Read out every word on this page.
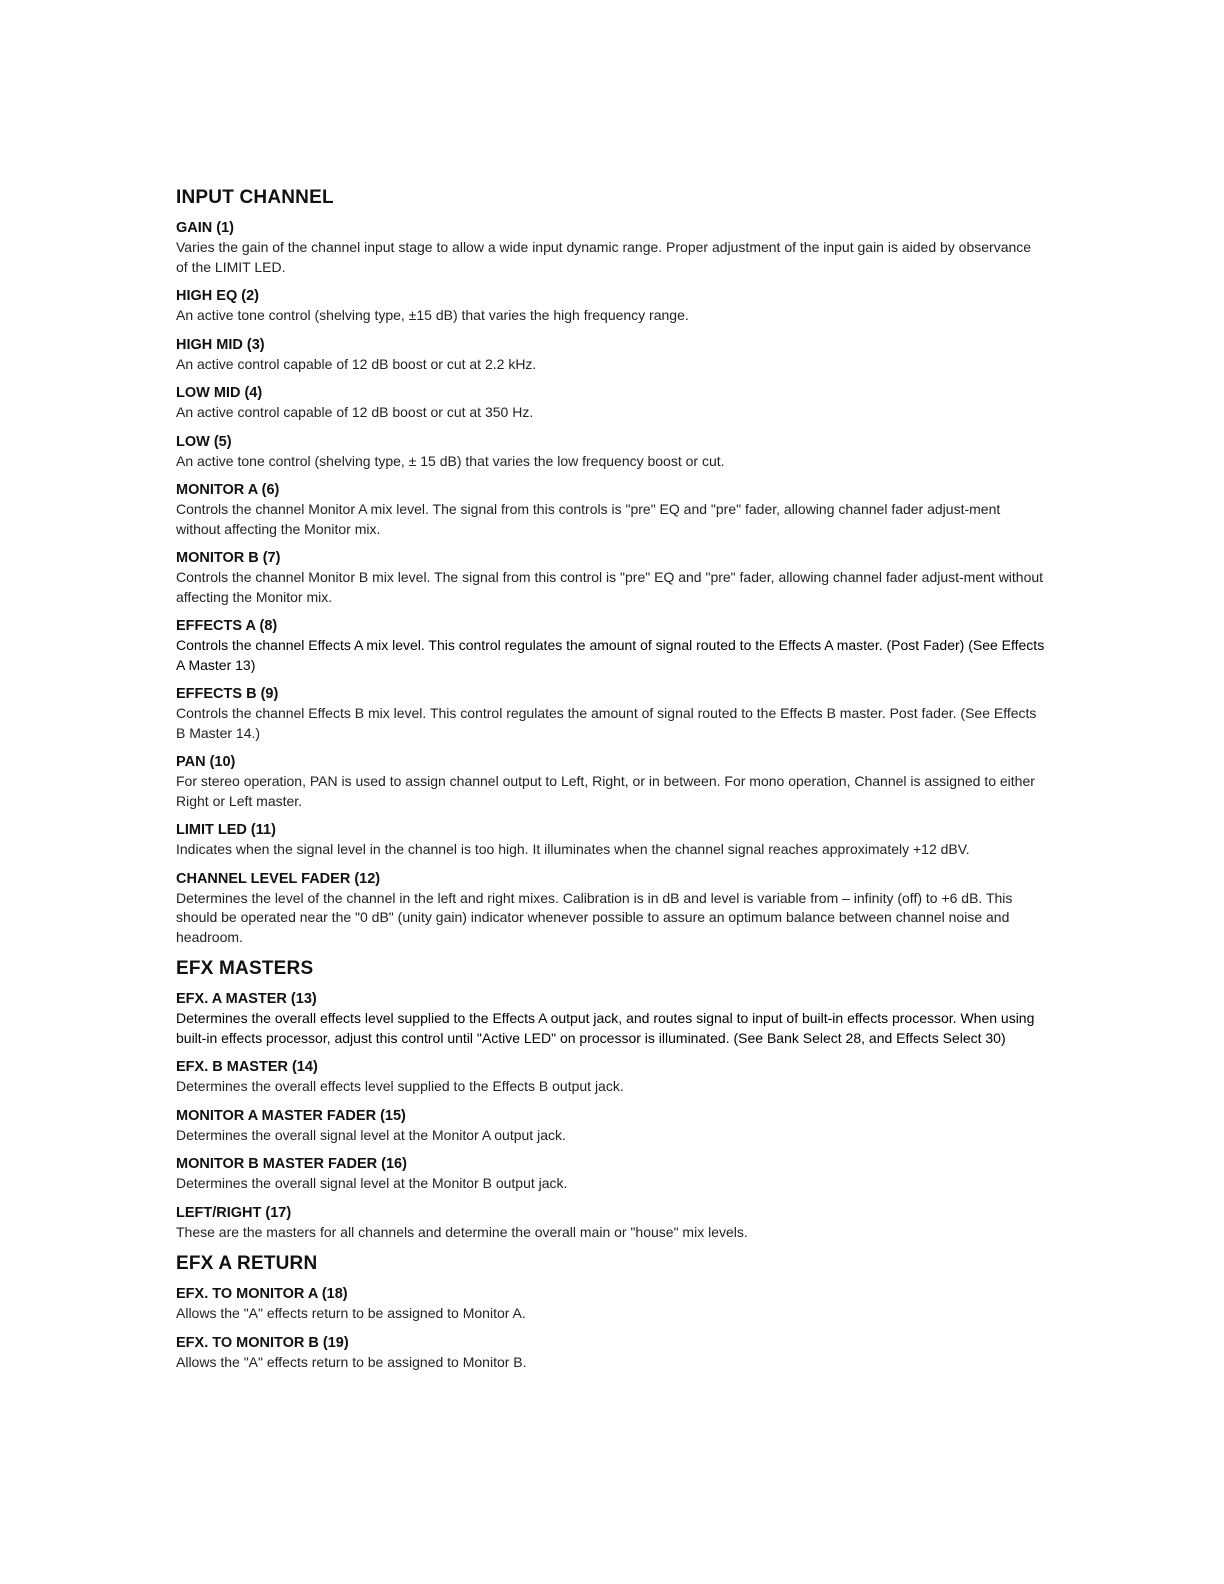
INPUT CHANNEL

GAIN (1)

Varies the gain of the channel input stage to allow a wide input dynamic range. Proper adjustment of the input gain is aided by observance of the LIMIT LED.

HIGH EQ (2)

An active tone control (shelving type, ±15 dB) that varies the high frequency range.

HIGH MID (3)

An active control capable of 12 dB boost or cut at 2.2 kHz.

LOW MID (4)

An active control capable of 12 dB boost or cut at 350 Hz.

LOW (5)

An active tone control (shelving type, ± 15 dB) that varies the low frequency boost or cut.

MONITOR A (6)

Controls the channel Monitor A mix level. The signal from this controls is "pre" EQ and "pre" fader, allowing channel fader adjust-ment without affecting the Monitor mix.

MONITOR B (7)

Controls the channel Monitor B mix level. The signal from this control is "pre" EQ and "pre" fader, allowing channel fader adjust-ment without affecting the Monitor mix.

EFFECTS A (8)

Controls the channel Effects A mix level. This control regulates the amount of signal routed to the Effects A master. (Post Fader) (See Effects A Master 13)

EFFECTS B (9)

Controls the channel Effects B mix level. This control regulates the amount of signal routed to the Effects B master. Post fader. (See Effects B Master 14.)

PAN (10)

For stereo operation, PAN is used to assign channel output to Left, Right, or in between. For mono operation, Channel is assigned to either Right or Left master.

LIMIT LED (11)

Indicates when the signal level in the channel is too high. It illuminates when the channel signal reaches approximately +12 dBV.

CHANNEL LEVEL FADER (12)

Determines the level of the channel in the left and right mixes. Calibration is in dB and level is variable from – infinity (off) to +6 dB. This should be operated near the "0 dB" (unity gain) indicator whenever possible to assure an optimum balance between channel noise and headroom.

EFX MASTERS

EFX. A MASTER (13)

Determines the overall effects level supplied to the Effects A output jack, and routes signal to input of built-in effects processor. When using built-in effects processor, adjust this control until "Active LED" on processor is illuminated. (See Bank Select 28, and Effects Select 30)

EFX. B MASTER (14)

Determines the overall effects level supplied to the Effects B output jack.

MONITOR A MASTER FADER (15)

Determines the overall signal level at the Monitor A output jack.

MONITOR B MASTER FADER (16)

Determines the overall signal level at the Monitor B output jack.

LEFT/RIGHT (17)

These are the masters for all channels and determine the overall main or "house" mix levels.

EFX A RETURN

EFX. TO MONITOR A (18)

Allows the "A" effects return to be assigned to Monitor A.

EFX. TO MONITOR B (19)

Allows the "A" effects return to be assigned to Monitor B.
